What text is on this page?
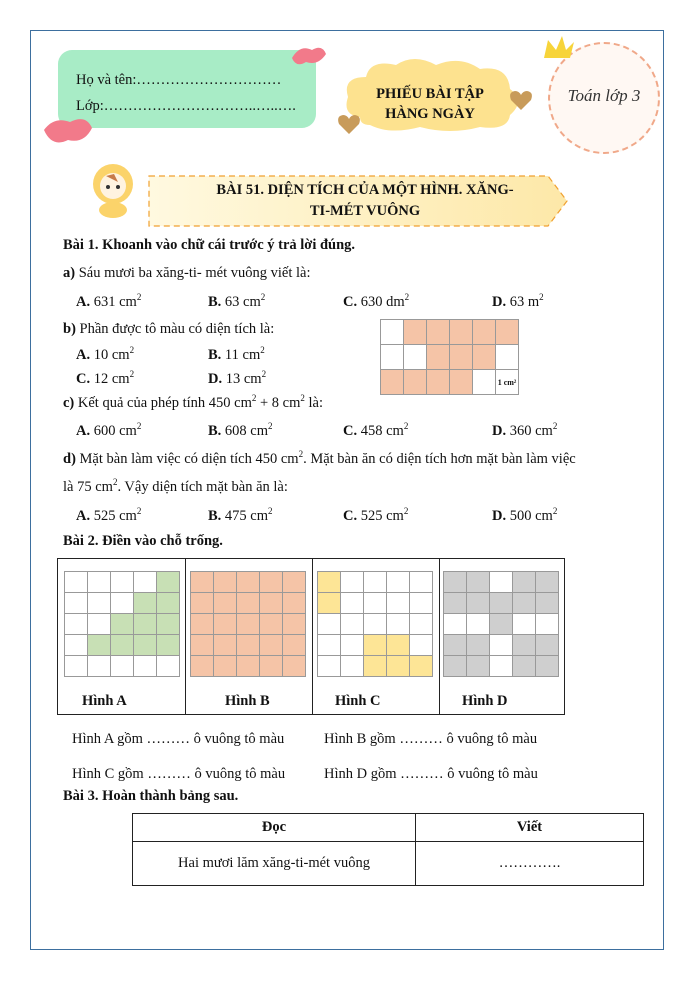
Họ và tên:…………………………
Lớp:…………………………..…..….
PHIẾU BÀI TẬP
HÀNG NGÀY
Toán lớp 3
BÀI 51. DIỆN TÍCH CỦA MỘT HÌNH. XĂNG-
TI-MÉT VUÔNG
Bài 1. Khoanh vào chữ cái trước ý trả lời đúng.
a) Sáu mươi ba xăng-ti- mét vuông viết là:
A. 631 $cm^2$	B. 63 $cm^2$	C. 630 $dm^2$	D. 63 $m^2$
b) Phần được tô màu có diện tích là:
A. 10 $cm^2$	B. 11 $cm^2$
C. 12 $cm^2$	D. 13 $cm^2$

					1 cm²
c) Kết quả của phép tính 450 $cm^2 + 8$ $cm^2$ là:
A. 600 $cm^2$	B. 608 $cm^2$	C. 458 $cm^2$	D. 360 $cm^2$
d) Mặt bàn làm việc có diện tích 450 $cm^2$. Mặt bàn ăn có diện tích hơn mặt bàn làm việc
là 75 $cm^2$. Vậy diện tích mặt bàn ăn là:
A. 525 $cm^2$	B. 475 $cm^2$	C. 525 $cm^2$	D. 500 $cm^2$
Bài 2. Điền vào chỗ trống.

Hình A	Hình B	Hình C	Hình D
Hình A gồm ……… ô vuông tô màu	Hình B gồm ……… ô vuông tô màu
Hình C gồm ……… ô vuông tô màu	Hình D gồm ……… ô vuông tô màu
Bài 3. Hoàn thành bảng sau.
Đọc	Viết
Hai mươi lăm xăng-ti-mét vuông	………….
